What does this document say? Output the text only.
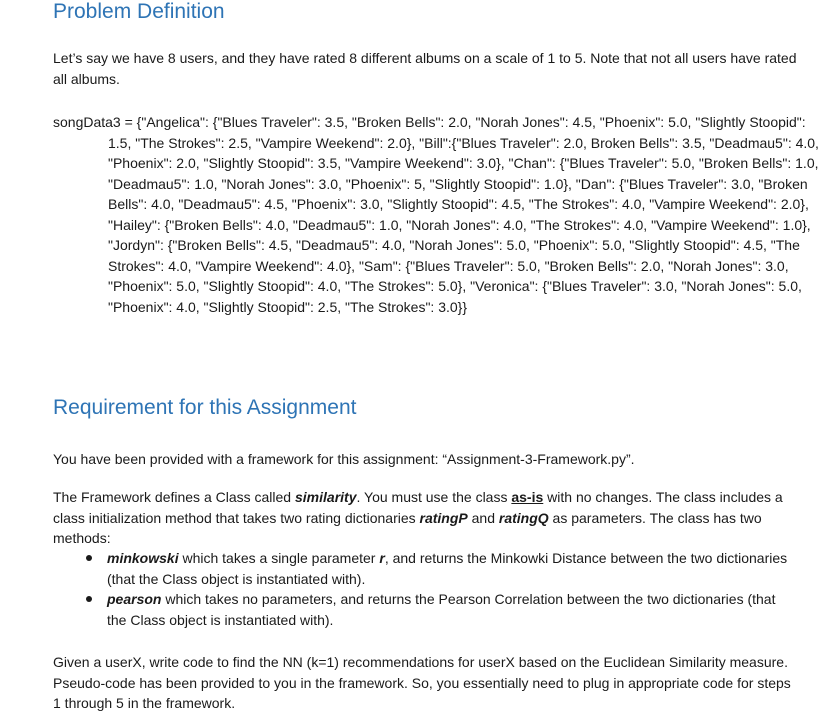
Problem Definition

Let’s say we have 8 users, and they have rated 8 different albums on a scale of 1 to 5. Note that not all users have rated all albums.

songData3 = {"Angelica": {"Blues Traveler": 3.5, "Broken Bells": 2.0, "Norah Jones": 4.5, "Phoenix": 5.0, "Slightly Stoopid": 1.5, "The Strokes": 2.5, "Vampire Weekend": 2.0}, "Bill":{"Blues Traveler": 2.0, Broken Bells": 3.5, "Deadmau5": 4.0, "Phoenix": 2.0, "Slightly Stoopid": 3.5, "Vampire Weekend": 3.0}, "Chan": {"Blues Traveler": 5.0, "Broken Bells": 1.0, "Deadmau5": 1.0, "Norah Jones": 3.0, "Phoenix": 5, "Slightly Stoopid": 1.0}, "Dan": {"Blues Traveler": 3.0, "Broken Bells": 4.0, "Deadmau5": 4.5, "Phoenix": 3.0, "Slightly Stoopid": 4.5, "The Strokes": 4.0, "Vampire Weekend": 2.0}, "Hailey": {"Broken Bells": 4.0, "Deadmau5": 1.0, "Norah Jones": 4.0, "The Strokes": 4.0, "Vampire Weekend": 1.0}, "Jordyn": {"Broken Bells": 4.5, "Deadmau5": 4.0, "Norah Jones": 5.0, "Phoenix": 5.0, "Slightly Stoopid": 4.5, "The Strokes": 4.0, "Vampire Weekend": 4.0}, "Sam": {"Blues Traveler": 5.0, "Broken Bells": 2.0, "Norah Jones": 3.0, "Phoenix": 5.0, "Slightly Stoopid": 4.0, "The Strokes": 5.0}, "Veronica": {"Blues Traveler": 3.0, "Norah Jones": 5.0, "Phoenix": 4.0, "Slightly Stoopid": 2.5, "The Strokes": 3.0}}

Requirement for this Assignment

You have been provided with a framework for this assignment: “Assignment-3-Framework.py”.

The Framework defines a Class called similarity. You must use the class as-is with no changes. The class includes a class initialization method that takes two rating dictionaries ratingP and ratingQ as parameters. The class has two methods:

minkowski which takes a single parameter r, and returns the Minkowki Distance between the two dictionaries (that the Class object is instantiated with).
pearson which takes no parameters, and returns the Pearson Correlation between the two dictionaries (that the Class object is instantiated with).

Given a userX, write code to find the NN (k=1) recommendations for userX based on the Euclidean Similarity measure. Pseudo-code has been provided to you in the framework. So, you essentially need to plug in appropriate code for steps 1 through 5 in the framework.
